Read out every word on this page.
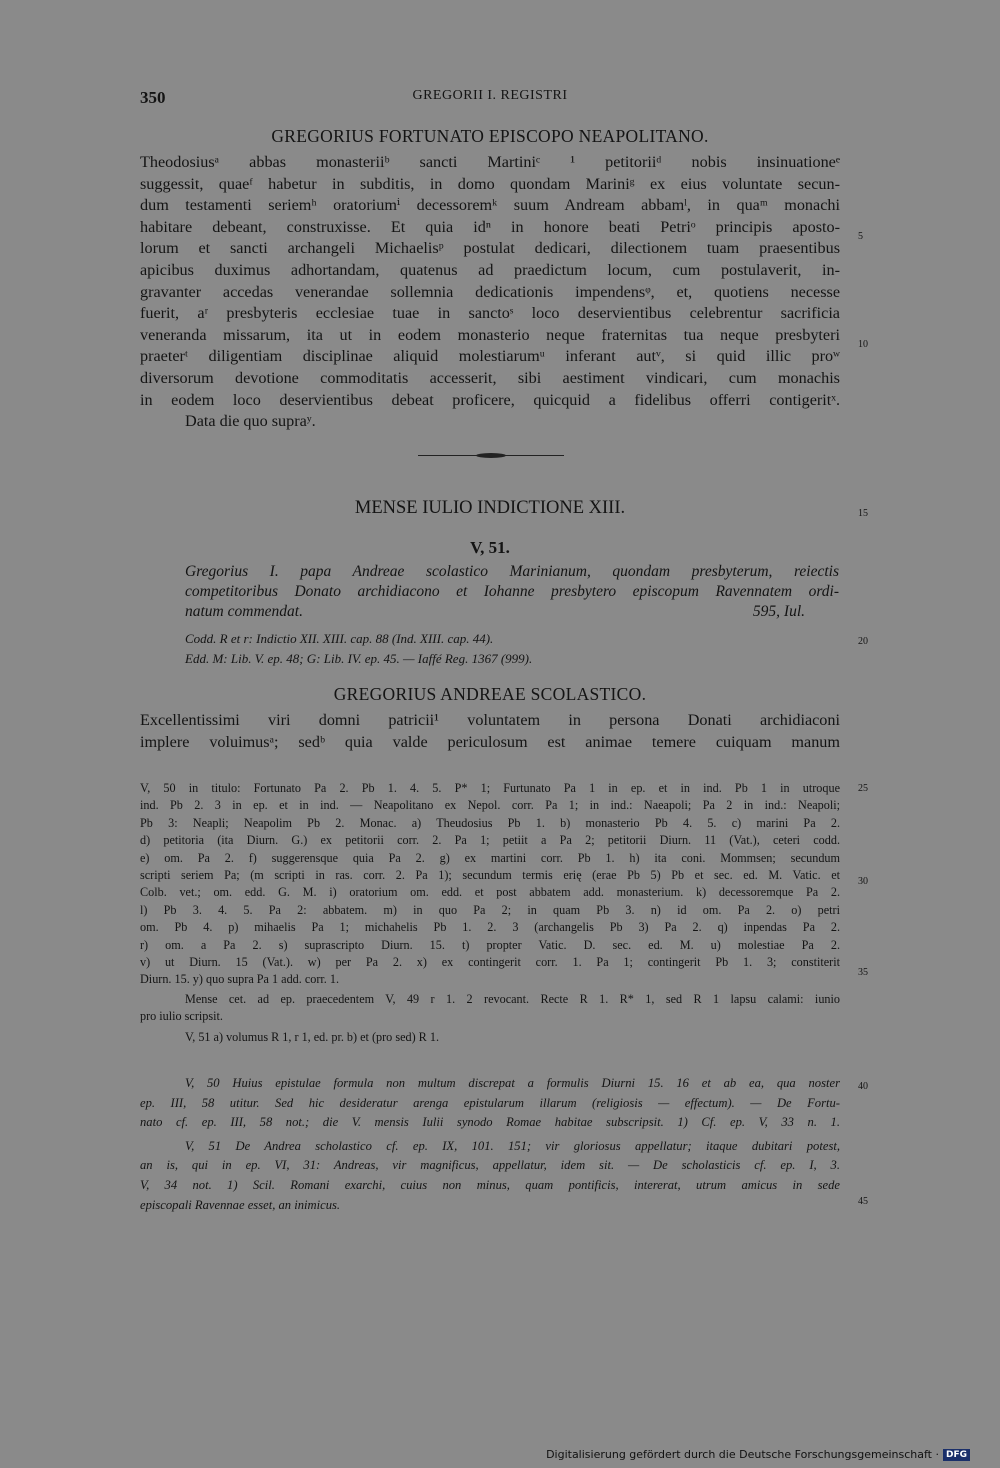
350	GREGORII I. REGISTRI
GREGORIUS FORTUNATO EPISCOPO NEAPOLITANO.
Theodosiusᵃ abbas monasteriiᵇ sancti Martiniᶜ ¹ petitoriiᵈ nobis insinuationeᵉ
suggessit, quaeᶠ habetur in subditis, in domo quondam Mariniᵍ ex eius voluntate secun-
dum testamenti seriemʰ oratoriumⁱ decessoremᵏ suum Andream abbamˡ, in quaᵐ monachi
habitare debeant, construxisse. Et quia idⁿ in honore beati Petriᵒ principis aposto-
lorum et sancti archangeli Michaelisᵖ postulat dedicari, dilectionem tuam praesentibus
apicibus duximus adhortandam, quatenus ad praedictum locum, cum postulaverit, in-
gravanter accedas venerandae sollemnia dedicationis impendensᵠ, et, quotiens necesse
fuerit, aʳ presbyteris ecclesiae tuae in sanctoˢ loco deservientibus celebrentur sacrificia
veneranda missarum, ita ut in eodem monasterio neque fraternitas tua neque presbyteri
praeterᵗ diligentiam disciplinae aliquid molestiarumᵘ inferant autᵛ, si quid illic proʷ
diversorum devotione commoditatis accesserit, sibi aestiment vindicari, cum monachis
in eodem loco deservientibus debeat proficere, quicquid a fidelibus offerri contigeritˣ.
Data die quo supraʸ.
MENSE IULIO INDICTIONE XIII.
V, 51.
Gregorius I. papa Andreae scolastico Marinianum, quondam presbyterum, reiectis
competitoribus Donato archidiacono et Iohanne presbytero episcopum Ravennatem ordi-
natum commendat.	595, Iul.
Codd. R et r: Indictio XII. XIII. cap. 88 (Ind. XIII. cap. 44).
Edd. M: Lib. V. ep. 48; G: Lib. IV. ep. 45. — Iaffé Reg. 1367 (999).
GREGORIUS ANDREAE SCOLASTICO.
Excellentissimi viri domni patricii¹ voluntatem in persona Donati archidiaconi
implere voluimusᵃ; sedᵇ quia valde periculosum est animae temere cuiquam manum
V, 50 in titulo: Fortunato Pa 2. Pb 1. 4. 5. P* 1; Furtunato Pa 1 in ep. et in ind. Pb 1 in utroque
ind. Pb 2. 3 in ep. et in ind. — Neapolitano ex Nepol. corr. Pa 1; in ind.: Naeapoli; Pa 2 in ind.: Neapoli;
Pb 3: Neapli; Neapolim Pb 2. Monac. a) Theudosius Pb 1. b) monasterio Pb 4. 5. c) marini Pa 2.
d) petitoria (ita Diurn. G.) ex petitorii corr. 2. Pa 1; petiit a Pa 2; petitorii Diurn. 11 (Vat.), ceteri codd.
e) om. Pa 2. f) suggerensque quia Pa 2. g) ex martini corr. Pb 1. h) ita coni. Mommsen; secundum
scripti seriem Pa; (m scripti in ras. corr. 2. Pa 1); secundum termis erię (erae Pb 5) Pb et sec. ed. M. Vatic. et
Colb. vet.; om. edd. G. M. i) oratorium om. edd. et post abbatem add. monasterium. k) decessoremque Pa 2.
l) Pb 3. 4. 5. Pa 2: abbatem. m) in quo Pa 2; in quam Pb 3. n) id om. Pa 2. o) petri
om. Pb 4. p) mihaelis Pa 1; michahelis Pb 1. 2. 3 (archangelis Pb 3) Pa 2. q) inpendas Pa 2.
r) om. a Pa 2. s) suprascripto Diurn. 15. t) propter Vatic. D. sec. ed. M. u) molestiae Pa 2.
v) ut Diurn. 15 (Vat.). w) per Pa 2. x) ex contingerit corr. 1. Pa 1; contingerit Pb 1. 3; constiterit
Diurn. 15. y) quo supra Pa 1 add. corr. 1.
Mense cet. ad ep. praecedentem V, 49 r 1. 2 revocant. Recte R 1. R* 1, sed R 1 lapsu calami: iunio
pro iulio scripsit.
V, 51 a) volumus R 1, r 1, ed. pr. b) et (pro sed) R 1.
V, 50 Huius epistulae formula non multum discrepat a formulis Diurni 15. 16 et ab ea, qua noster
ep. III, 58 utitur. Sed hic desideratur arenga epistularum illarum (religiosis — effectum). — De Fortu-
nato cf. ep. III, 58 not.; die V. mensis Iulii synodo Romae habitae subscripsit. 1) Cf. ep. V, 33 n. 1.
V, 51 De Andrea scholastico cf. ep. IX, 101. 151; vir gloriosus appellatur; itaque dubitari potest,
an is, qui in ep. VI, 31: Andreas, vir magnificus, appellatur, idem sit. — De scholasticis cf. ep. I, 3.
V, 34 not. 1) Scil. Romani exarchi, cuius non minus, quam pontificis, intererat, utrum amicus in sede
episcopali Ravennae esset, an inimicus.
5
10
15
20
25
30
35
40
45
Digitalisierung gefördert durch die Deutsche Forschungsgemeinschaft · DFG
